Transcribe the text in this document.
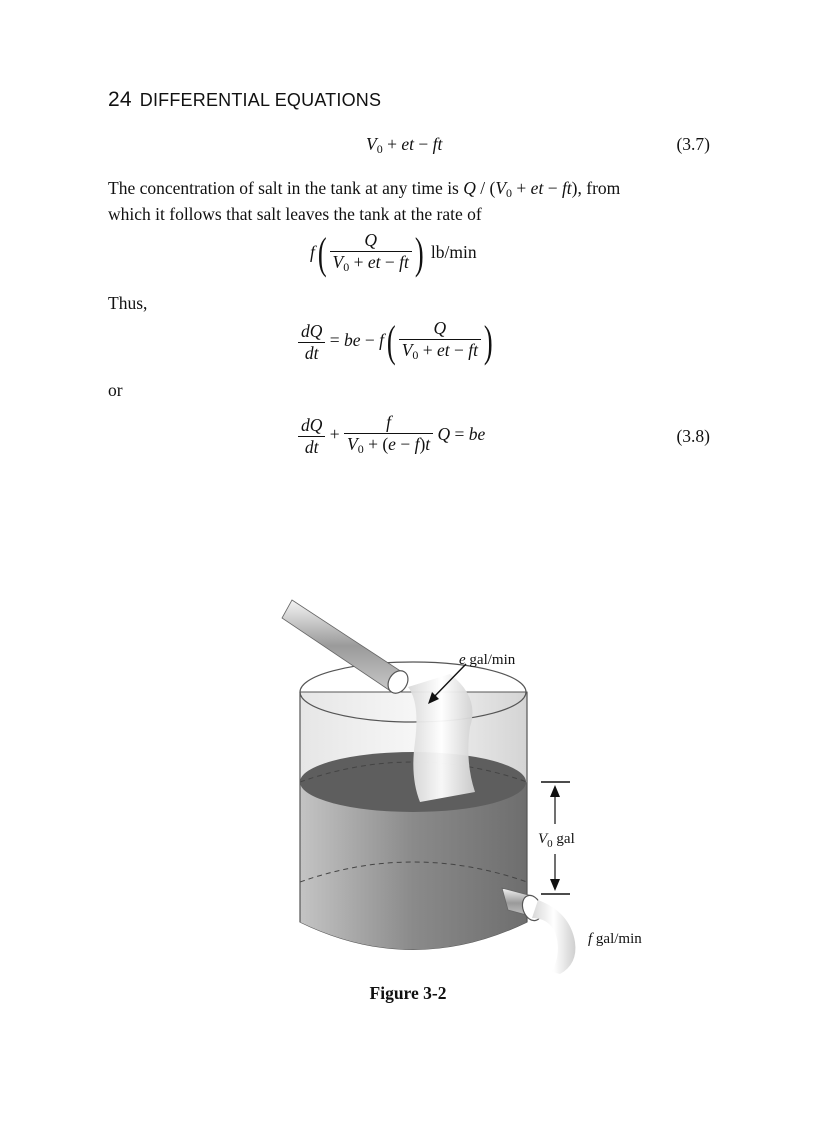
24 DIFFERENTIAL EQUATIONS
$V_0$ + et − ft	(3.7)
The concentration of salt in the tank at any time is Q / ($V_0$ + et − ft), from
which it follows that salt leaves the tank at the rate of
$f( \frac{Q}{V_0 + et - ft}$ ) lb/min
Thus,
$\frac{dQ}{dt}$ = be − $f( \frac{Q}{V_0 + et - ft}$ )
or
$\frac{dQ}{dt} + \frac{f}{V_0 + (e - f)t}$ Q = be	(3.8)
e gal/min
$V_0$ gal
f gal/min
Figure 3-2
